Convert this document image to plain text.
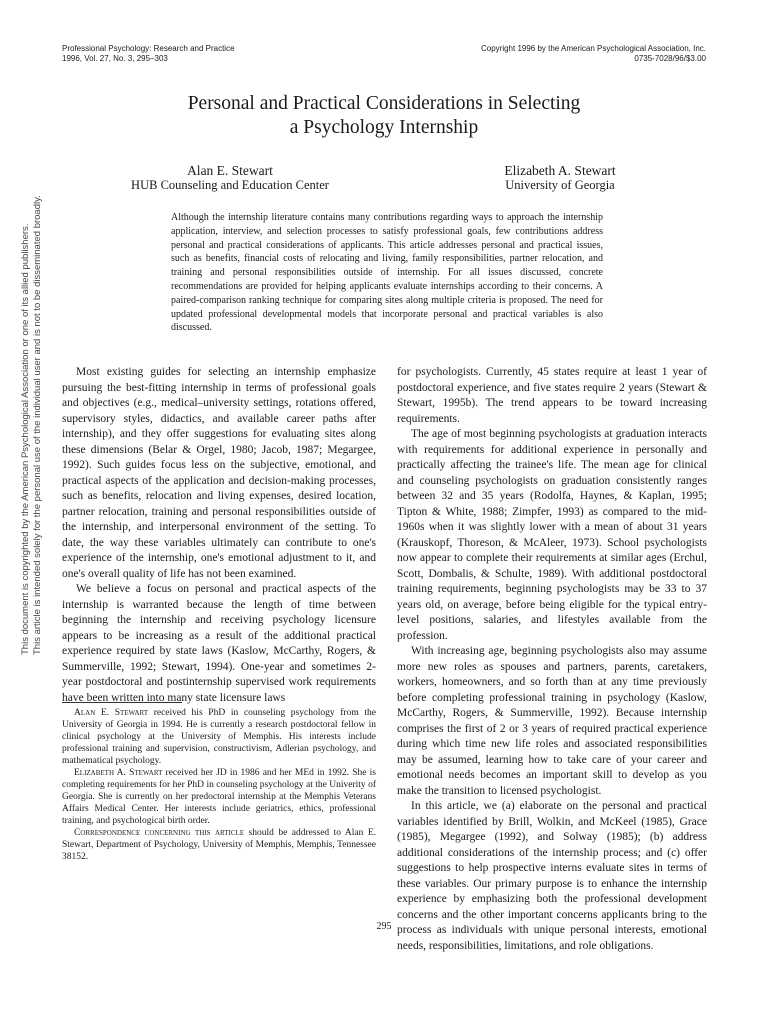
Professional Psychology: Research and Practice
1996, Vol. 27, No. 3, 295–303
Copyright 1996 by the American Psychological Association, Inc.
0735-7028/96/$3.00
Personal and Practical Considerations in Selecting
a Psychology Internship
Alan E. Stewart
HUB Counseling and Education Center
Elizabeth A. Stewart
University of Georgia
Although the internship literature contains many contributions regarding ways to approach the internship application, interview, and selection processes to satisfy professional goals, few contributions address personal and practical considerations of applicants. This article addresses personal and practical issues, such as benefits, financial costs of relocating and living, family responsibilities, partner relocation, and training and personal responsibilities outside of internship. For all issues discussed, concrete recommendations are provided for helping applicants evaluate internships according to their concerns. A paired-comparison ranking technique for comparing sites along multiple criteria is proposed. The need for updated professional developmental models that incorporate personal and practical variables is also discussed.

Most existing guides for selecting an internship emphasize pursuing the best-fitting internship in terms of professional goals and objectives (e.g., medical–university settings, rotations offered, supervisory styles, didactics, and available career paths after internship), and they offer suggestions for evaluating sites along these dimensions (Belar & Orgel, 1980; Jacob, 1987; Megargee, 1992). Such guides focus less on the subjective, emotional, and practical aspects of the application and decision-making processes, such as benefits, relocation and living expenses, desired location, partner relocation, training and personal responsibilities outside of the internship, and interpersonal environment of the setting. To date, the way these variables ultimately can contribute to one's experience of the internship, one's emotional adjustment to it, and one's overall quality of life has not been examined.

We believe a focus on personal and practical aspects of the internship is warranted because the length of time between beginning the internship and receiving psychology licensure appears to be increasing as a result of the additional practical experience required by state laws (Kaslow, McCarthy, Rogers, & Summerville, 1992; Stewart, 1994). One-year and sometimes 2-year postdoctoral and postinternship supervised work requirements have been written into many state licensure laws

Alan E. Stewart received his PhD in counseling psychology from the University of Georgia in 1994. He is currently a research postdoctoral fellow in clinical psychology at the University of Memphis. His interests include professional training and supervision, constructivism, Adlerian psychology, and mathematical psychology.

Elizabeth A. Stewart received her JD in 1986 and her MEd in 1992. She is completing requirements for her PhD in counseling psychology at the Univerity of Georgia. She is currently on her predoctoral internship at the Memphis Veterans Affairs Medical Center. Her interests include geriatrics, ethics, professional training, and psychological birth order.

Correspondence concerning this article should be addressed to Alan E. Stewart, Department of Psychology, University of Memphis, Memphis, Tennessee 38152.

for psychologists. Currently, 45 states require at least 1 year of postdoctoral experience, and five states require 2 years (Stewart & Stewart, 1995b). The trend appears to be toward increasing requirements.

The age of most beginning psychologists at graduation interacts with requirements for additional experience in personally and practically affecting the trainee's life. The mean age for clinical and counseling psychologists on graduation consistently ranges between 32 and 35 years (Rodolfa, Haynes, & Kaplan, 1995; Tipton & White, 1988; Zimpfer, 1993) as compared to the mid-1960s when it was slightly lower with a mean of about 31 years (Krauskopf, Thoreson, & McAleer, 1973). School psychologists now appear to complete their requirements at similar ages (Erchul, Scott, Dombalis, & Schulte, 1989). With additional postdoctoral training requirements, beginning psychologists may be 33 to 37 years old, on average, before being eligible for the typical entry-level positions, salaries, and lifestyles available from the profession.

With increasing age, beginning psychologists also may assume more new roles as spouses and partners, parents, caretakers, workers, homeowners, and so forth than at any time previously before completing professional training in psychology (Kaslow, McCarthy, Rogers, & Summerville, 1992). Because internship comprises the first of 2 or 3 years of required practical experience during which time new life roles and associated responsibilities may be assumed, learning how to take care of your career and emotional needs becomes an important skill to develop as you make the transition to licensed psychologist.

In this article, we (a) elaborate on the personal and practical variables identified by Brill, Wolkin, and McKeel (1985), Grace (1985), Megargee (1992), and Solway (1985); (b) address additional considerations of the internship process; and (c) offer suggestions to help prospective interns evaluate sites in terms of these variables. Our primary purpose is to enhance the internship experience by emphasizing both the professional development concerns and the other important concerns applicants bring to the process as individuals with unique personal interests, emotional needs, responsibilities, limitations, and role obligations.

295
This document is copyrighted by the American Psychological Association or one of its allied publishers. This article is intended solely for the personal use of the individual user and is not to be disseminated broadly.
